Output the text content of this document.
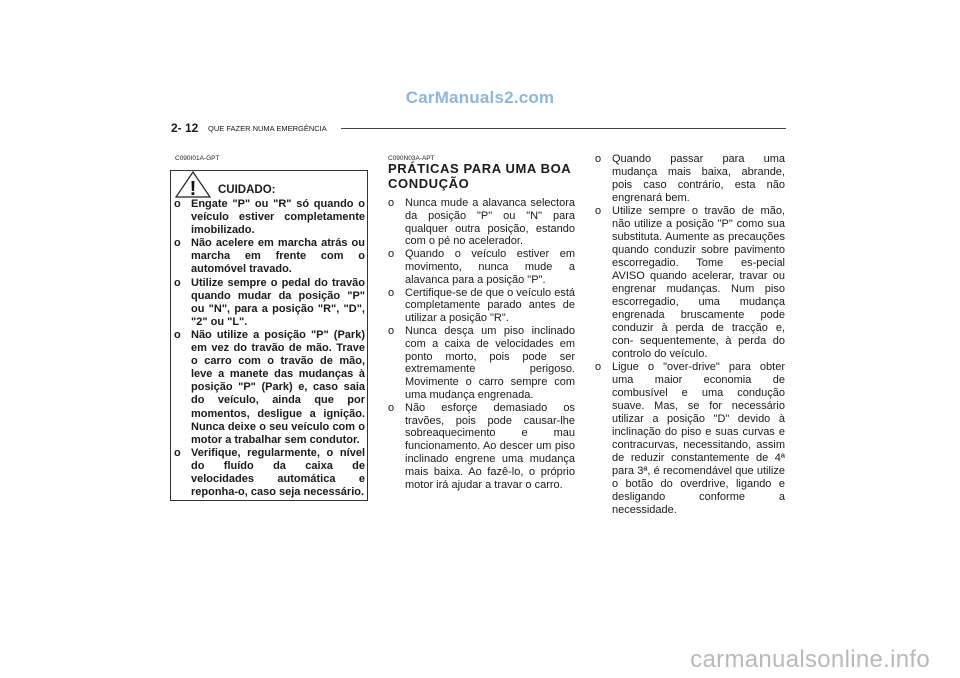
CarManuals2.com
2- 12 QUE FAZER NUMA EMERGÊNCIA
C090I01A-GPT
! CUIDADO:
o Engate "P" ou "R" só quando o veículo estiver completamente imobilizado.
o Não acelere em marcha atrás ou marcha em frente com o automóvel travado.
o Utilize sempre o pedal do travão quando mudar da posição "P" ou "N", para a posição "R", "D", "2" ou "L".
o Não utilize a posição "P" (Park) em vez do travão de mão. Trave o carro com o travão de mão, leve a manete das mudanças à posição "P" (Park) e, caso saia do veículo, ainda que por momentos, desligue a ignição. Nunca deixe o seu veículo com o motor a trabalhar sem condutor.
o Verifique, regularmente, o nível do fluído da caixa de velocidades automática e reponha-o, caso seja necessário.
C090N03A-APT
PRÁTICAS PARA UMA BOA CONDUÇÃO
o Nunca mude a alavanca selectora da posição "P" ou "N" para qualquer outra posição, estando com o pé no acelerador.
o Quando o veículo estiver em movimento, nunca mude a alavanca para a posição "P".
o Certifique-se de que o veículo está completamente parado antes de utilizar a posição "R".
o Nunca desça um piso inclinado com a caixa de velocidades em ponto morto, pois pode ser extremamente perigoso. Movimente o carro sempre com uma mudança engrenada.
o Não esforçe demasiado os travões, pois pode causar-lhe sobreaquecimento e mau funcionamento. Ao descer um piso inclinado engrene uma mudança mais baixa. Ao fazê-lo, o próprio motor irá ajudar a travar o carro.
o Quando passar para uma mudança mais baixa, abrande, pois caso contrário, esta não engrenará bem.
o Utilize sempre o travão de mão, não utilize a posição "P" como sua substituta. Aumente as precauções quando conduzir sobre pavimento escorregadio. Tome es-pecial AVISO quando acelerar, travar ou engrenar mudanças. Num piso escorregadio, uma mudança engrenada bruscamente pode conduzir à perda de tracção e, con- sequentemente, à perda do controlo do veículo.
o Ligue o "over-drive" para obter uma maior economia de combusível e uma condução suave. Mas, se for necessário utilizar a posição "D" devido à inclinação do piso e suas curvas e contracurvas, necessitando, assim de reduzir constantemente de 4ª para 3ª, é recomendável que utilize o botão do overdrive, ligando e desligando conforme a necessidade.
carmanualsonline.info
